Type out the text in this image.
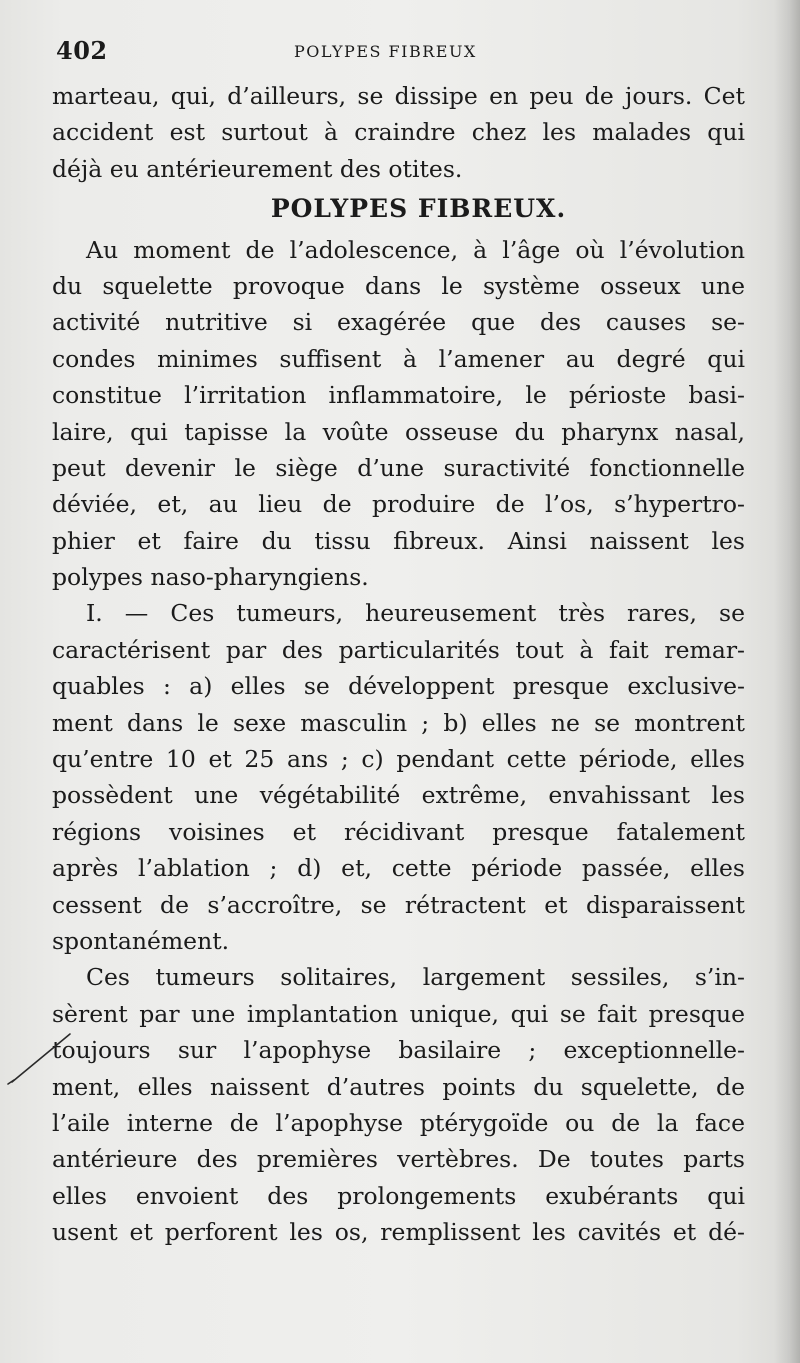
402	POLYPES FIBREUX
marteau, qui, d’ailleurs, se dissipe en peu de jours. Cet
accident est surtout à craindre chez les malades qui
déjà eu antérieurement des otites.
POLYPES FIBREUX.
Au moment de l’adolescence, à l’âge où l’évolution
du squelette provoque dans le système osseux une
activité nutritive si exagérée que des causes se-
condes minimes suffisent à l’amener au degré qui
constitue l’irritation inflammatoire, le périoste basi-
laire, qui tapisse la voûte osseuse du pharynx nasal,
peut devenir le siège d’une suractivité fonctionnelle
déviée, et, au lieu de produire de l’os, s’hypertro-
phier et faire du tissu fibreux. Ainsi naissent les
polypes naso-pharyngiens.
I. — Ces tumeurs, heureusement très rares, se
caractérisent par des particularités tout à fait remar-
quables : a) elles se développent presque exclusive-
ment dans le sexe masculin ; b) elles ne se montrent
qu’entre 10 et 25 ans ; c) pendant cette période, elles
possèdent une végétabilité extrême, envahissant les
régions voisines et récidivant presque fatalement
après l’ablation ; d) et, cette période passée, elles
cessent de s’accroître, se rétractent et disparaissent
spontanément.
Ces tumeurs solitaires, largement sessiles, s’in-
sèrent par une implantation unique, qui se fait presque
toujours sur l’apophyse basilaire ; exceptionnelle-
ment, elles naissent d’autres points du squelette, de
l’aile interne de l’apophyse ptérygoïde ou de la face
antérieure des premières vertèbres. De toutes parts
elles envoient des prolongements exubérants qui
usent et perforent les os, remplissent les cavités et dé-
